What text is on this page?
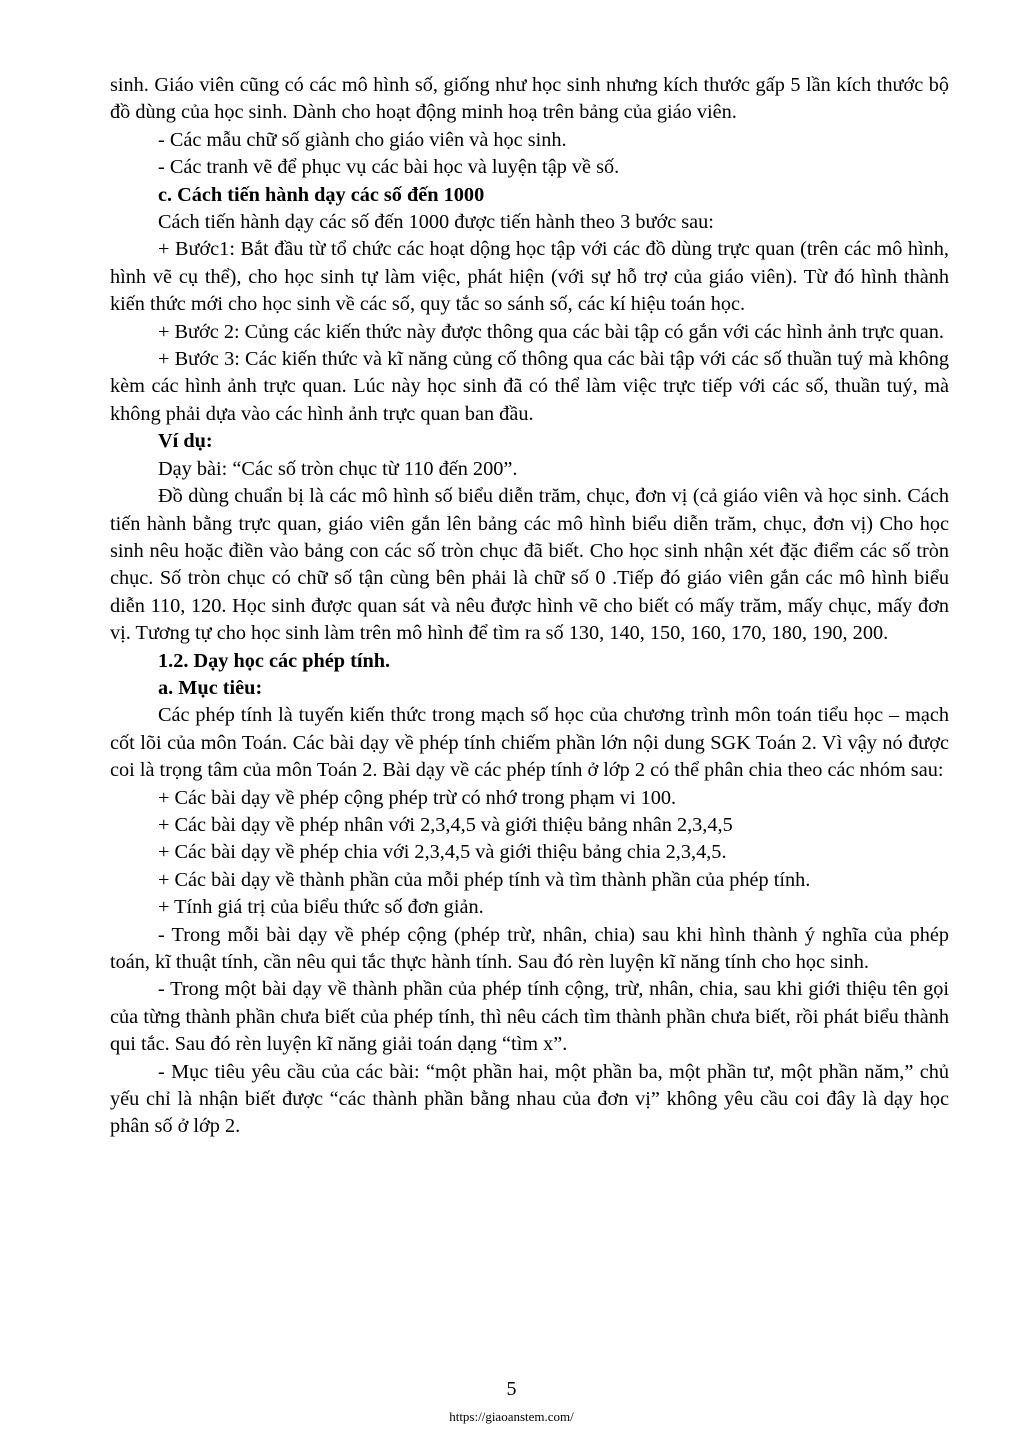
sinh. Giáo viên cũng có các mô hình số, giống như học sinh nhưng kích thước gấp 5 lần kích thước bộ đồ dùng của học sinh. Dành cho hoạt động minh hoạ trên bảng của giáo viên.

- Các mẫu chữ số giành cho giáo viên và học sinh.

- Các tranh vẽ để phục vụ các bài học và luyện tập về số.

c. Cách tiến hành dạy các số đến 1000

Cách tiến hành dạy các số đến 1000 được tiến hành theo 3 bước sau:

+ Bước1: Bắt đầu từ tổ chức các hoạt dộng học tập với các đồ dùng trực quan (trên các mô hình, hình vẽ cụ thể), cho học sinh tự làm việc, phát hiện (với sự hỗ trợ của giáo viên). Từ đó hình thành kiến thức mới cho học sinh về các số, quy tắc so sánh số, các kí hiệu toán học.

+ Bước 2: Củng các kiến thức này được thông qua các bài tập có gắn với các hình ảnh trực quan.

+ Bước 3: Các kiến thức và kĩ năng củng cố thông qua các bài tập với các số thuần tuý mà không kèm các hình ảnh trực quan. Lúc này học sinh đã có thể làm việc trực tiếp với các số, thuần tuý, mà không phải dựa vào các hình ảnh trực quan ban đầu.

Ví dụ:

Dạy bài: “Các số tròn chục từ 110 đến 200”.

Đồ dùng chuẩn bị là các mô hình số biểu diễn trăm, chục, đơn vị (cả giáo viên và học sinh. Cách tiến hành bằng trực quan, giáo viên gắn lên bảng các mô hình biểu diễn trăm, chục, đơn vị) Cho học sinh nêu hoặc điền vào bảng con các số tròn chục đã biết. Cho học sinh nhận xét đặc điểm các số tròn chục. Số tròn chục có chữ số tận cùng bên phải là chữ số 0 .Tiếp đó giáo viên gắn các mô hình biểu diễn 110, 120. Học sinh được quan sát và nêu được hình vẽ cho biết có mấy trăm, mấy chục, mấy đơn vị. Tương tự cho học sinh làm trên mô hình để tìm ra số 130, 140, 150, 160, 170, 180, 190, 200.

1.2. Dạy học các phép tính.

a. Mục tiêu:

Các phép tính là tuyến kiến thức trong mạch số học của chương trình môn toán tiểu học – mạch cốt lõi của môn Toán. Các bài dạy về phép tính chiếm phần lớn nội dung SGK Toán 2. Vì vậy nó được coi là trọng tâm của môn Toán 2. Bài dạy về các phép tính ở lớp 2 có thể phân chia theo các nhóm sau:

+ Các bài dạy về phép cộng phép trừ có nhớ trong phạm vi 100.

+ Các bài dạy về phép nhân với 2,3,4,5 và giới thiệu bảng nhân 2,3,4,5

+ Các bài dạy về phép chia với 2,3,4,5 và giới thiệu bảng chia 2,3,4,5.

+ Các bài dạy về thành phần của mỗi phép tính và tìm thành phần của phép tính.

+ Tính giá trị của biểu thức số đơn giản.

- Trong mỗi bài dạy về phép cộng (phép trừ, nhân, chia) sau khi hình thành ý nghĩa của phép toán, kĩ thuật tính, cần nêu qui tắc thực hành tính. Sau đó rèn luyện kĩ năng tính cho học sinh.

- Trong một bài dạy về thành phần của phép tính cộng, trừ, nhân, chia, sau khi giới thiệu tên gọi của từng thành phần chưa biết của phép tính, thì nêu cách tìm thành phần chưa biết, rồi phát biểu thành qui tắc. Sau đó rèn luyện kĩ năng giải toán dạng “tìm x”.

- Mục tiêu yêu cầu của các bài: “một phần hai, một phần ba, một phần tư, một phần năm,” chủ yếu chỉ là nhận biết được “các thành phần bằng nhau của đơn vị” không yêu cầu coi đây là dạy học phân số ở lớp 2.

5
https://giaoanstem.com/
